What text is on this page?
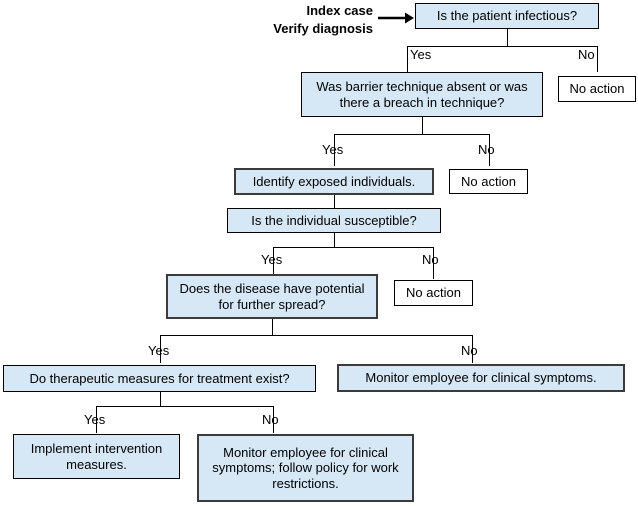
Index case
Verify diagnosis
Is the patient infectious?
Yes	No
No action
Was barrier technique absent or was there a breach in technique?
Yes	No
Identify exposed individuals.	No action
Is the individual susceptible?
Yes	No
No action
Does the disease have potential for further spread?
Yes	No
Do therapeutic measures for treatment exist?	Monitor employee for clinical symptoms.
Yes	No
Implement intervention measures.
Monitor employee for clinical symptoms; follow policy for work restrictions.
